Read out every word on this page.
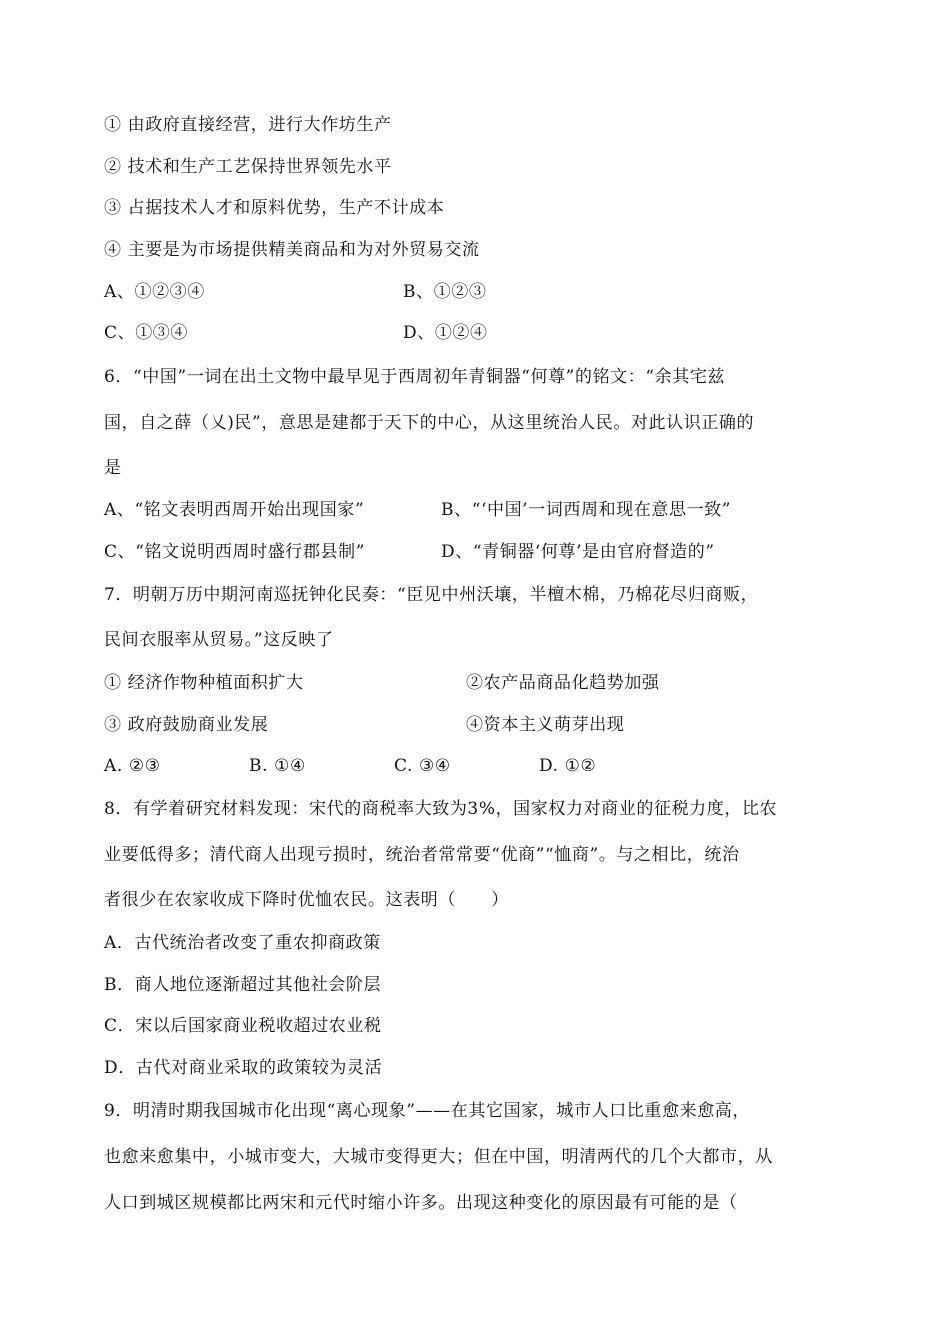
① 由政府直接经营，进行大作坊生产
② 技术和生产工艺保持世界领先水平
③ 占据技术人才和原料优势，生产不计成本
④ 主要是为市场提供精美商品和为对外贸易交流
A、①②③④	B、①②③
C、①③④	D、①②④
6．“中国”一词在出土文物中最早见于西周初年青铜器“何尊”的铭文：“余其宅兹
国，自之薛（乂)民”，意思是建都于天下的中心，从这里统治人民。对此认识正确的
是
A、“铭文表明西周开始出现国家”	B、“‘中国’一词西周和现在意思一致”
C、“铭文说明西周时盛行郡县制”	D、“青铜器‘何尊’是由官府督造的”
7．明朝万历中期河南巡抚钟化民奏：“臣见中州沃壤，半檀木棉，乃棉花尽归商贩，
民间衣服率从贸易。”这反映了
① 经济作物种植面积扩大	②农产品商品化趋势加强
③ 政府鼓励商业发展	④资本主义萌芽出现
A. ②③	B. ①④	C. ③④	D. ①②
8．有学着研究材料发现：宋代的商税率大致为3%，国家权力对商业的征税力度，比农
业要低得多；清代商人出现亏损时，统治者常常要“优商”“恤商”。与之相比，统治
者很少在农家收成下降时优恤农民。这表明（　　）
A．古代统治者改变了重农抑商政策
B．商人地位逐渐超过其他社会阶层
C．宋以后国家商业税收超过农业税
D．古代对商业采取的政策较为灵活
9．明清时期我国城市化出现“离心现象”——在其它国家，城市人口比重愈来愈高，
也愈来愈集中，小城市变大，大城市变得更大；但在中国，明清两代的几个大都市，从
人口到城区规模都比两宋和元代时缩小许多。出现这种变化的原因最有可能的是（
